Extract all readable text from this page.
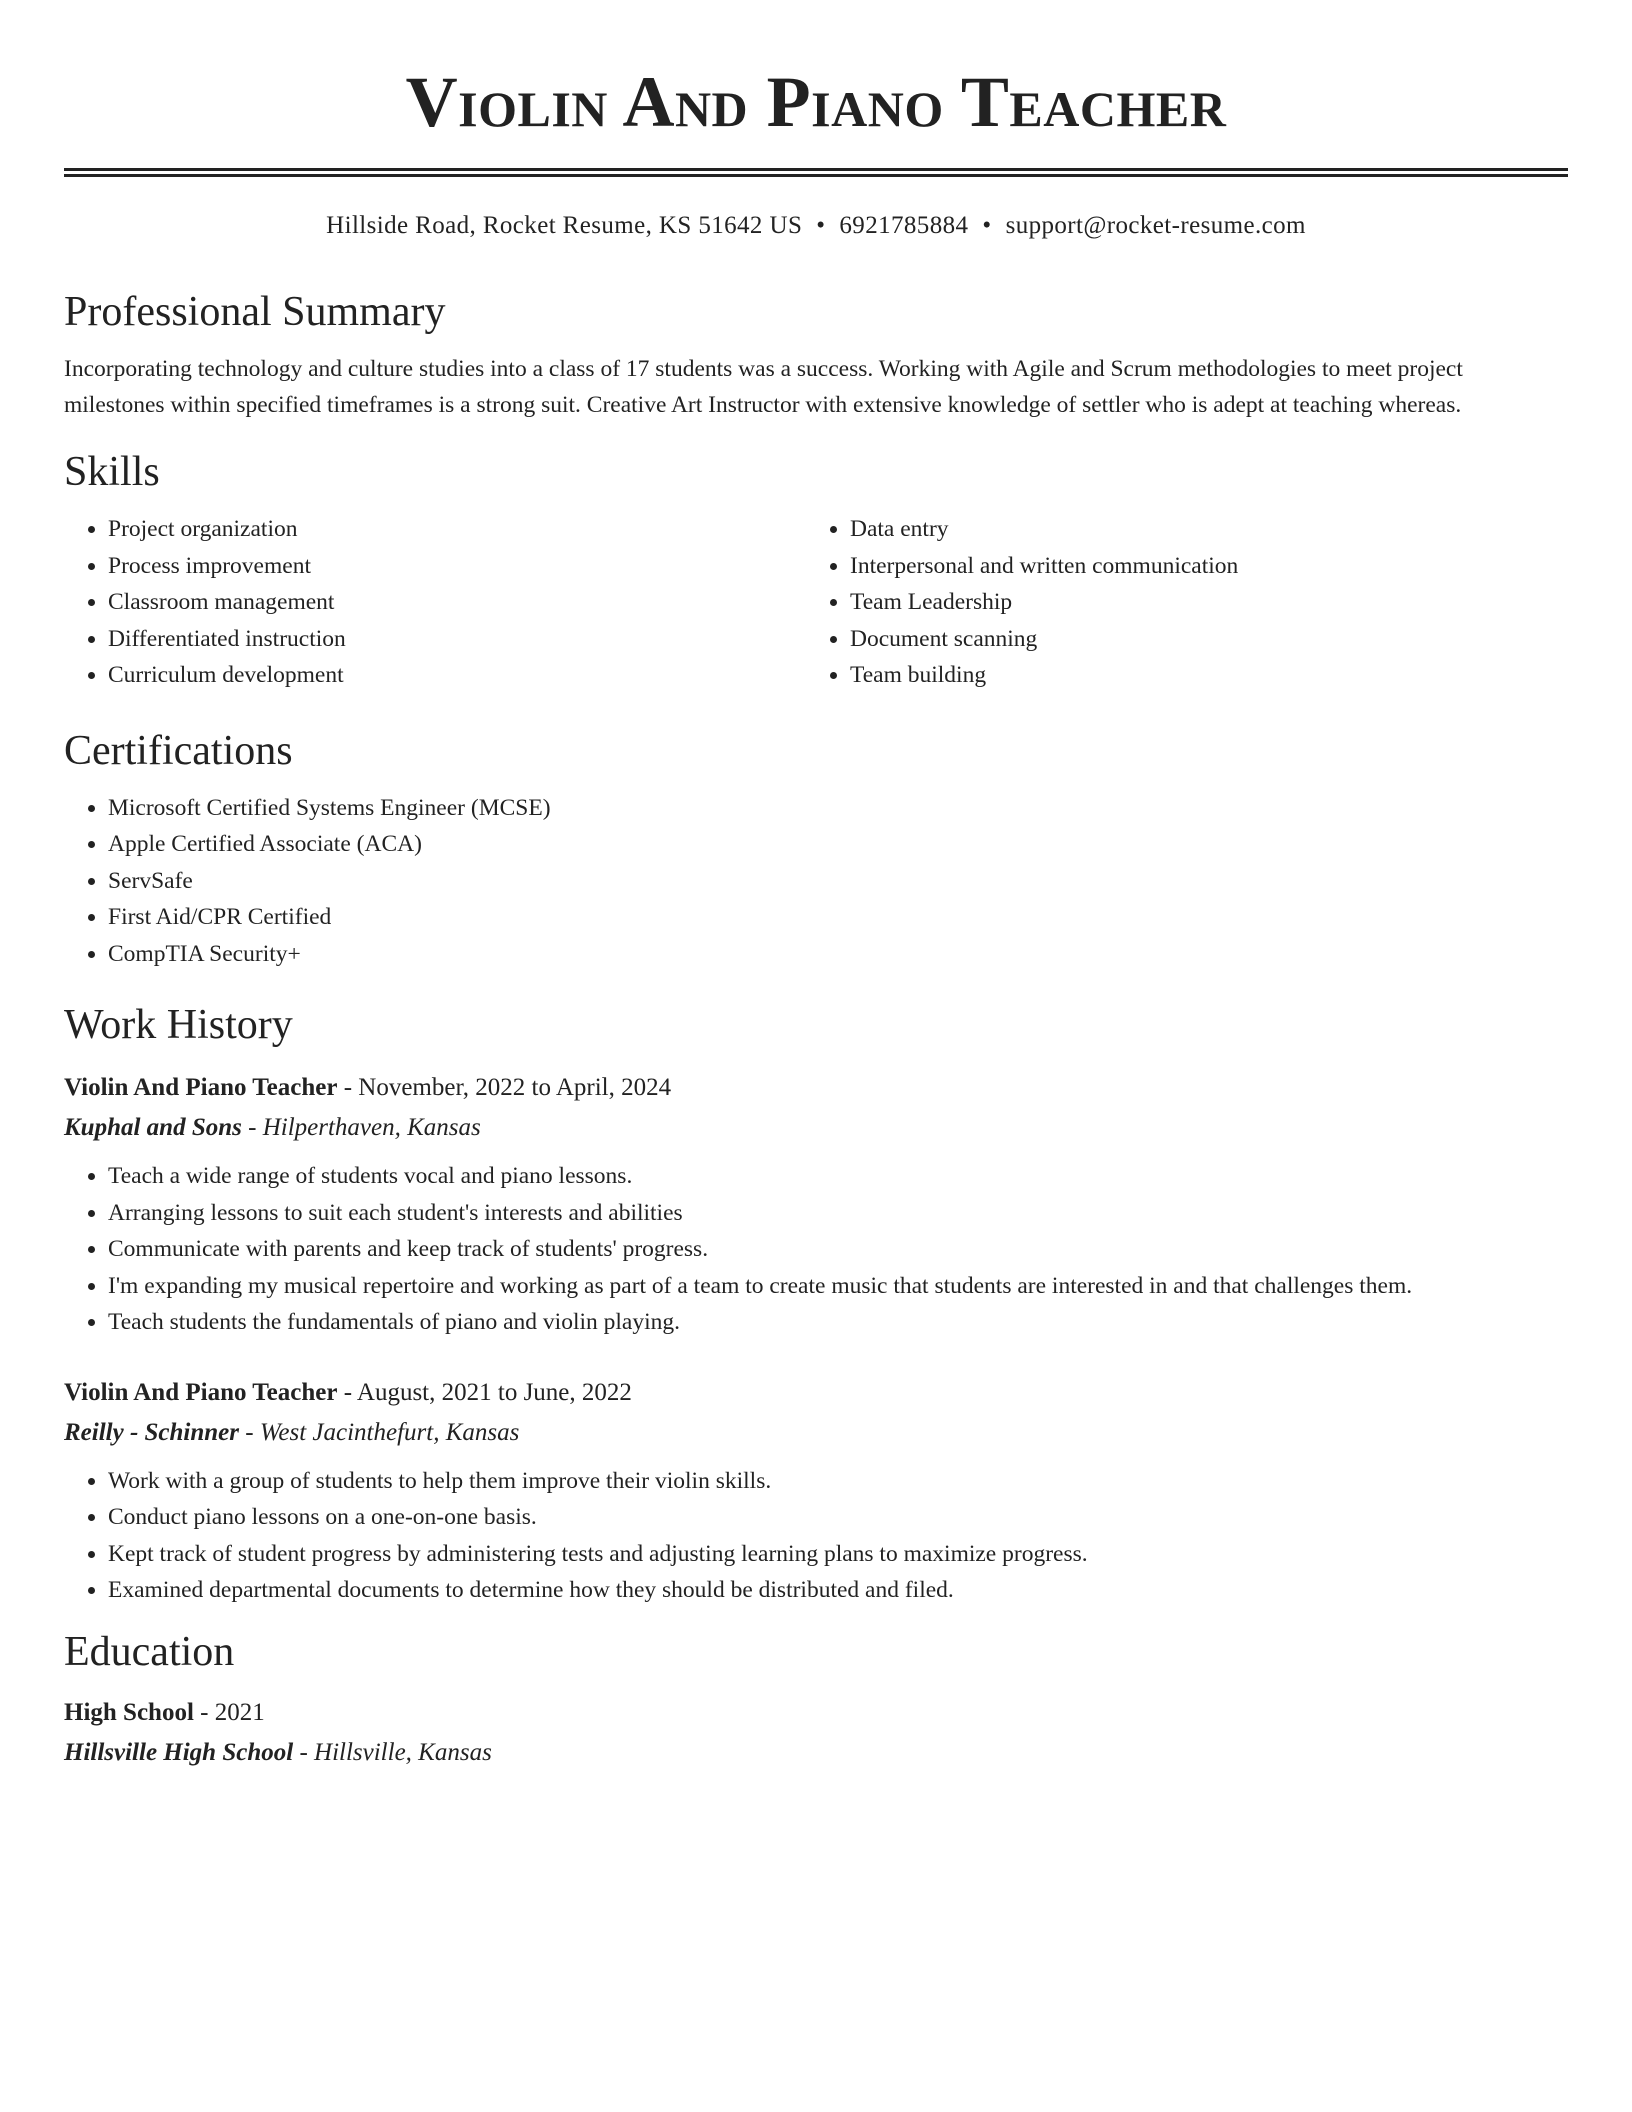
Violin And Piano Teacher
Hillside Road, Rocket Resume, KS 51642 US • 6921785884 • support@rocket-resume.com
Professional Summary

Incorporating technology and culture studies into a class of 17 students was a success. Working with Agile and Scrum methodologies to meet project milestones within specified timeframes is a strong suit. Creative Art Instructor with extensive knowledge of settler who is adept at teaching whereas.

Skills
• Project organization
• Process improvement
• Classroom management
• Differentiated instruction
• Curriculum development
• Data entry
• Interpersonal and written communication
• Team Leadership
• Document scanning
• Team building
Certifications
• Microsoft Certified Systems Engineer (MCSE)
• Apple Certified Associate (ACA)
• ServSafe
• First Aid/CPR Certified
• CompTIA Security+
Work History
Violin And Piano Teacher - November, 2022 to April, 2024
Kuphal and Sons - Hilperthaven, Kansas
• Teach a wide range of students vocal and piano lessons.
• Arranging lessons to suit each student's interests and abilities
• Communicate with parents and keep track of students' progress.
• I'm expanding my musical repertoire and working as part of a team to create music that students are interested in and that challenges them.
• Teach students the fundamentals of piano and violin playing.
Violin And Piano Teacher - August, 2021 to June, 2022
Reilly - Schinner - West Jacinthefurt, Kansas
• Work with a group of students to help them improve their violin skills.
• Conduct piano lessons on a one-on-one basis.
• Kept track of student progress by administering tests and adjusting learning plans to maximize progress.
• Examined departmental documents to determine how they should be distributed and filed.
Education
High School - 2021
Hillsville High School - Hillsville, Kansas
